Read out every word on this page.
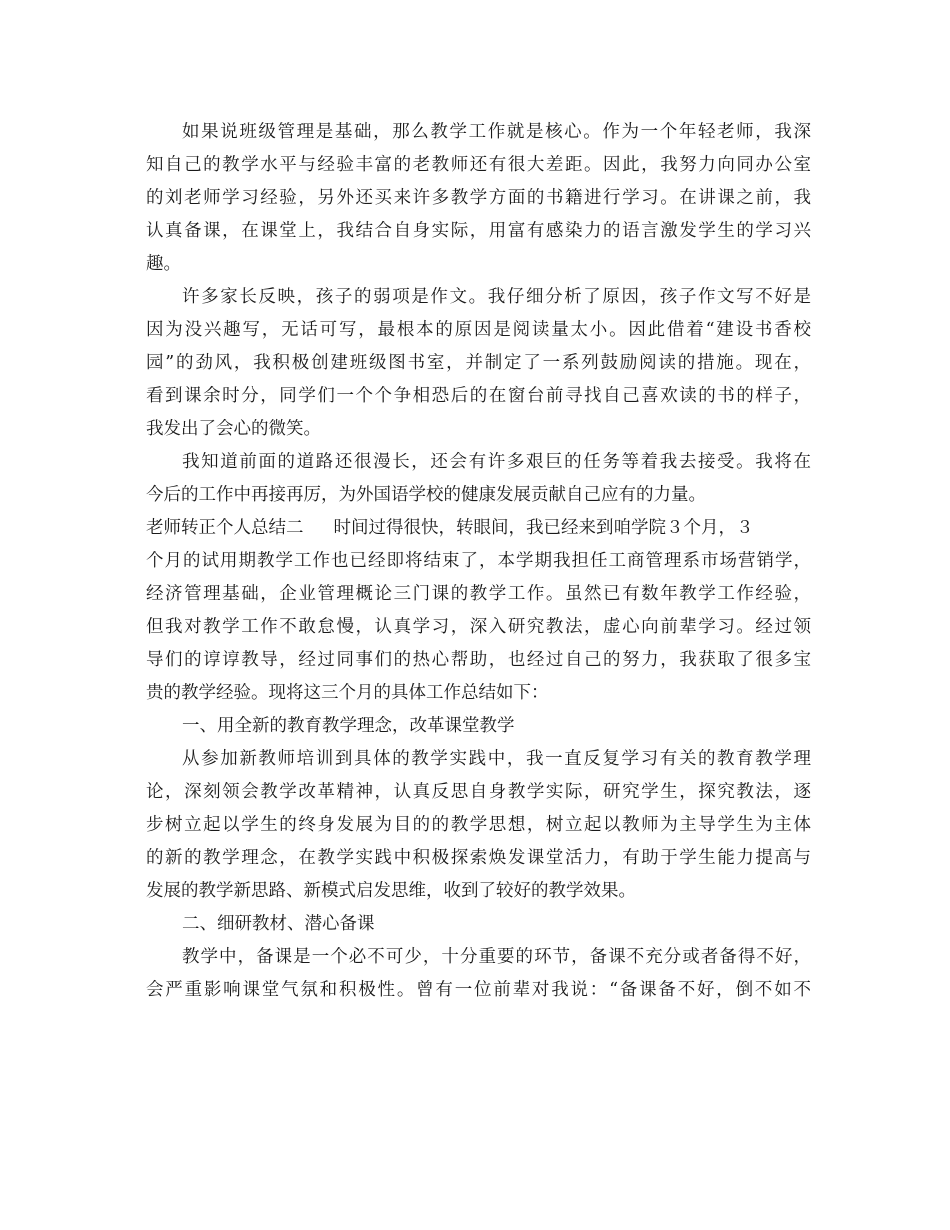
如果说班级管理是基础，那么教学工作就是核心。作为一个年轻老师，我深
知自己的教学水平与经验丰富的老教师还有很大差距。因此，我努力向同办公室
的刘老师学习经验，另外还买来许多教学方面的书籍进行学习。在讲课之前，我
认真备课，在课堂上，我结合自身实际，用富有感染力的语言激发学生的学习兴
趣。
许多家长反映，孩子的弱项是作文。我仔细分析了原因，孩子作文写不好是
因为没兴趣写，无话可写，最根本的原因是阅读量太小。因此借着“建设书香校
园”的劲风，我积极创建班级图书室，并制定了一系列鼓励阅读的措施。现在，
看到课余时分，同学们一个个争相恐后的在窗台前寻找自己喜欢读的书的样子，
我发出了会心的微笑。
我知道前面的道路还很漫长，还会有许多艰巨的任务等着我去接受。我将在
今后的工作中再接再厉，为外国语学校的健康发展贡献自己应有的力量。
老师转正个人总结二 时间过得很快，转眼间，我已经来到咱学院３个月，３
个月的试用期教学工作也已经即将结束了，本学期我担任工商管理系市场营销学，
经济管理基础，企业管理概论三门课的教学工作。虽然已有数年教学工作经验，
但我对教学工作不敢怠慢，认真学习，深入研究教法，虚心向前辈学习。经过领
导们的谆谆教导，经过同事们的热心帮助，也经过自己的努力，我获取了很多宝
贵的教学经验。现将这三个月的具体工作总结如下：
一、用全新的教育教学理念，改革课堂教学
从参加新教师培训到具体的教学实践中，我一直反复学习有关的教育教学理
论，深刻领会教学改革精神，认真反思自身教学实际，研究学生，探究教法，逐
步树立起以学生的终身发展为目的的教学思想，树立起以教师为主导学生为主体
的新的教学理念，在教学实践中积极探索焕发课堂活力，有助于学生能力提高与
发展的教学新思路、新模式启发思维，收到了较好的教学效果。
二、细研教材、潜心备课
教学中，备课是一个必不可少，十分重要的环节，备课不充分或者备得不好，
会严重影响课堂气氛和积极性。曾有一位前辈对我说：“备课备不好，倒不如不
